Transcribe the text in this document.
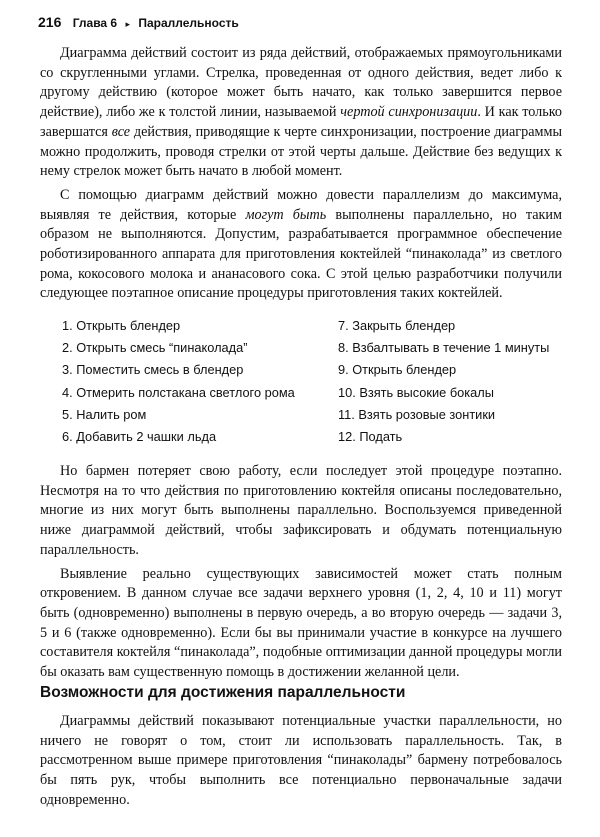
216 Глава 6 ▸ Параллельность

Диаграмма действий состоит из ряда действий, отображаемых прямоугольниками со скругленными углами. Стрелка, проведенная от одного действия, ведет либо к другому действию (которое может быть начато, как только завершится первое действие), либо же к толстой линии, называемой чертой синхронизации. И как только завершатся все действия, приводящие к черте синхронизации, построение диаграммы можно продолжить, проводя стрелки от этой черты дальше. Действие без ведущих к нему стрелок может быть начато в любой момент.

С помощью диаграмм действий можно довести параллелизм до максимума, выявляя те действия, которые могут быть выполнены параллельно, но таким образом не выполняются. Допустим, разрабатывается программное обеспечение роботизированного аппарата для приготовления коктейлей “пинаколада” из светлого рома, кокосового молока и ананасового сока. С этой целью разработчики получили следующее поэтапное описание процедуры приготовления таких коктейлей.

1. Открыть блендер
2. Открыть смесь “пинаколада”
3. Поместить смесь в блендер
4. Отмерить полстакана светлого рома
5. Налить ром
6. Добавить 2 чашки льда
7. Закрыть блендер
8. Взбалтывать в течение 1 минуты
9. Открыть блендер
10. Взять высокие бокалы
11. Взять розовые зонтики
12. Подать

Но бармен потеряет свою работу, если последует этой процедуре поэтапно. Несмотря на то что действия по приготовлению коктейля описаны последовательно, многие из них могут быть выполнены параллельно. Воспользуемся приведенной ниже диаграммой действий, чтобы зафиксировать и обдумать потенциальную параллельность.

Выявление реально существующих зависимостей может стать полным откровением. В данном случае все задачи верхнего уровня (1, 2, 4, 10 и 11) могут быть (одновременно) выполнены в первую очередь, а во вторую очередь — задачи 3, 5 и 6 (также одновременно). Если бы вы принимали участие в конкурсе на лучшего составителя коктейля “пинаколада”, подобные оптимизации данной процедуры могли бы оказать вам существенную помощь в достижении желанной цели.

Возможности для достижения параллельности

Диаграммы действий показывают потенциальные участки параллельности, но ничего не говорят о том, стоит ли использовать параллельность. Так, в рассмотренном выше примере приготовления “пинаколады” бармену потребовалось бы пять рук, чтобы выполнить все потенциально первоначальные задачи одновременно.
